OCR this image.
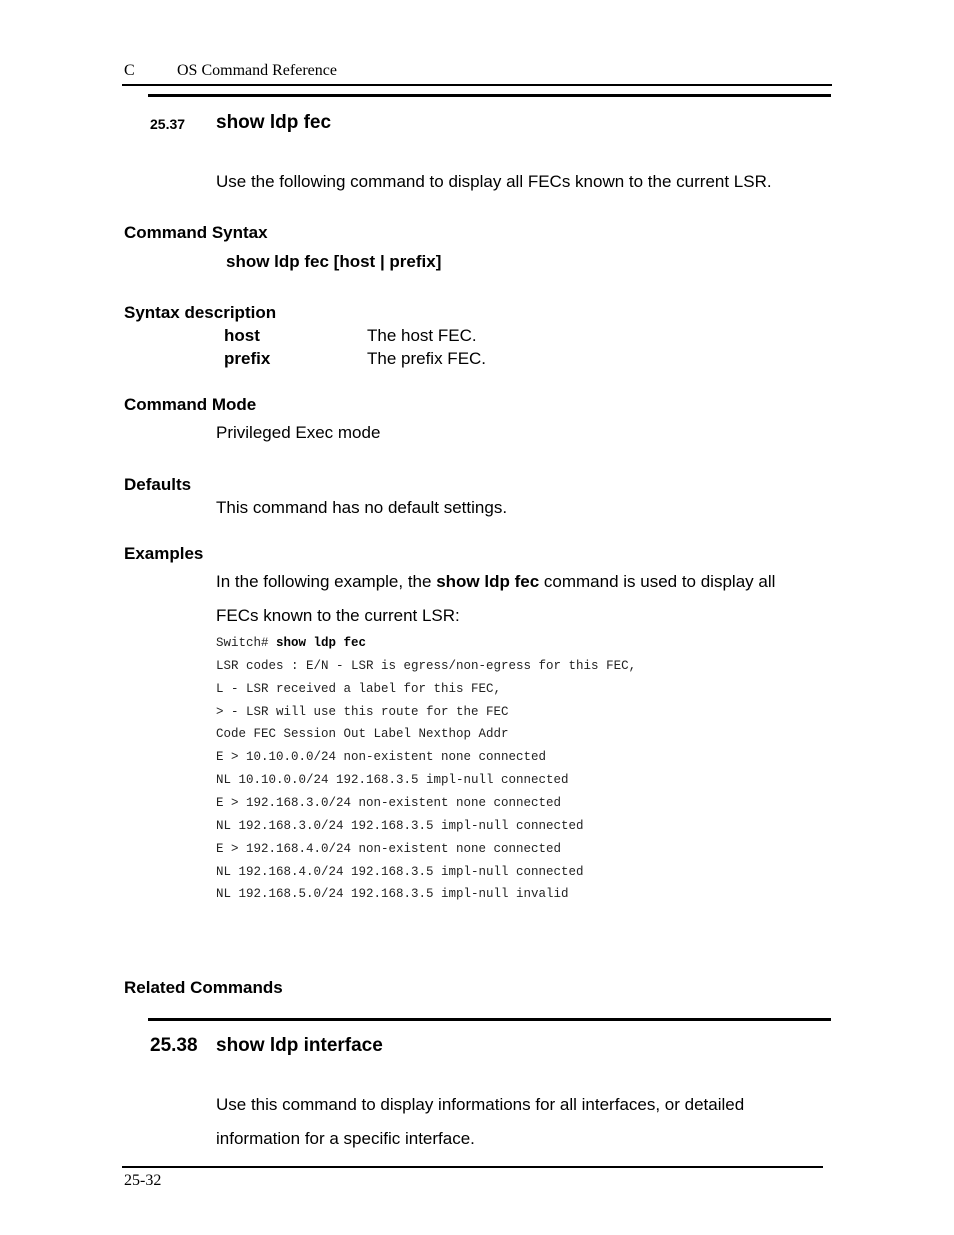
C	OS Command Reference
25.37 show ldp fec
Use the following command to display all FECs known to the current LSR.
Command Syntax
show ldp fec [host | prefix]
Syntax description
host	The host FEC.
prefix	The prefix FEC.
Command Mode
Privileged Exec mode
Defaults
This command has no default settings.
Examples
In the following example, the show ldp fec command is used to display all
FECs known to the current LSR:
Switch# show ldp fec
LSR codes : E/N - LSR is egress/non-egress for this FEC,
L - LSR received a label for this FEC,
> - LSR will use this route for the FEC
Code FEC Session Out Label Nexthop Addr
E > 10.10.0.0/24 non-existent none connected
NL 10.10.0.0/24 192.168.3.5 impl-null connected
E > 192.168.3.0/24 non-existent none connected
NL 192.168.3.0/24 192.168.3.5 impl-null connected
E > 192.168.4.0/24 non-existent none connected
NL 192.168.4.0/24 192.168.3.5 impl-null connected
NL 192.168.5.0/24 192.168.3.5 impl-null invalid
Related Commands
25.38 show ldp interface
Use this command to display informations for all interfaces, or detailed
information for a specific interface.
25-32
